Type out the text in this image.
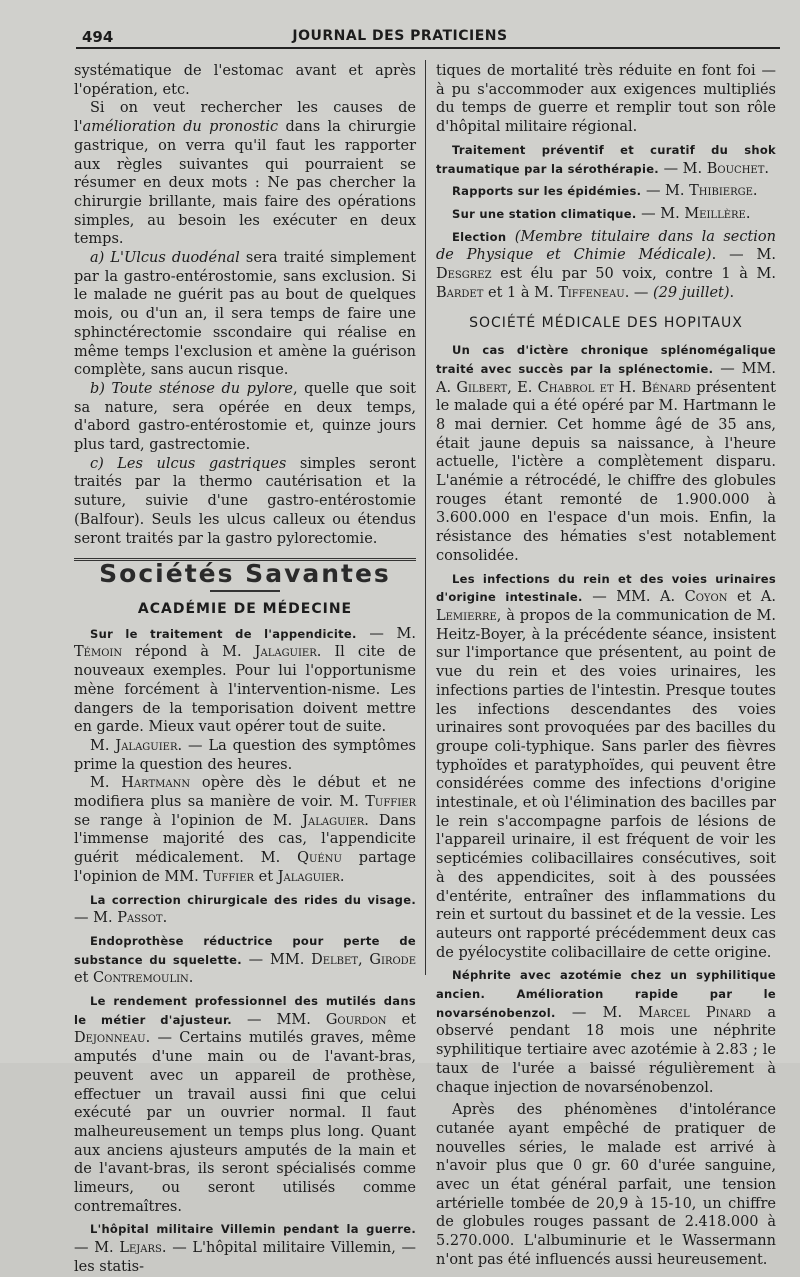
494	JOURNAL DES PRATICIENS

systématique de l'estomac avant et après l'opération, etc.

Si on veut rechercher les causes de l'amélioration du pronostic dans la chirurgie gastrique, on verra qu'il faut les rapporter aux règles suivantes qui pourraient se résumer en deux mots : Ne pas chercher la chirurgie brillante, mais faire des opérations simples, au besoin les exécuter en deux temps.

a) L'Ulcus duodénal sera traité simplement par la gastro-entérostomie, sans exclusion. Si le malade ne guérit pas au bout de quelques mois, ou d'un an, il sera temps de faire une sphinctérectomie sscondaire qui réalise en même temps l'exclusion et amène la guérison complète, sans aucun risque.

b) Toute sténose du pylore, quelle que soit sa nature, sera opérée en deux temps, d'abord gastro-entérostomie et, quinze jours plus tard, gastrectomie.

c) Les ulcus gastriques simples seront traités par la thermo cautérisation et la suture, suivie d'une gastro-entérostomie (Balfour). Seuls les ulcus calleux ou étendus seront traités par la gastro pylorectomie.

Sociétés Savantes
ACADÉMIE DE MÉDECINE

Sur le traitement de l'appendicite. — M. Témoin répond à M. Jalaguier. Il cite de nouveaux exemples. Pour lui l'opportunisme mène forcément à l'intervention-nisme. Les dangers de la temporisation doivent mettre en garde. Mieux vaut opérer tout de suite.

M. Jalaguier. — La question des symptômes prime la question des heures.

M. Hartmann opère dès le début et ne modifiera plus sa manière de voir. M. Tuffier se range à l'opinion de M. Jalaguier. Dans l'immense majorité des cas, l'appendicite guérit médicalement. M. Quénu partage l'opinion de MM. Tuffier et Jalaguier.

La correction chirurgicale des rides du visage. — M. Passot.

Endoprothèse réductrice pour perte de substance du squelette. — MM. Delbet, Girode et Contremoulin.

Le rendement professionnel des mutilés dans le métier d'ajusteur. — MM. Gourdon et Dejonneau. — Certains mutilés graves, même amputés d'une main ou de l'avant-bras, peuvent avec un appareil de prothèse, effectuer un travail aussi fini que celui exécuté par un ouvrier normal. Il faut malheureusement un temps plus long. Quant aux anciens ajusteurs amputés de la main et de l'avant-bras, ils seront spécialisés comme limeurs, ou seront utilisés comme contremaîtres.

L'hôpital militaire Villemin pendant la guerre. — M. Lejars. — L'hôpital militaire Villemin, — les statis-

tiques de mortalité très réduite en font foi — à pu s'accommoder aux exigences multipliés du temps de guerre et remplir tout son rôle d'hôpital militaire régional.

Traitement préventif et curatif du shok traumatique par la sérothérapie. — M. Bouchet.

Rapports sur les épidémies. — M. Thibierge.

Sur une station climatique. — M. Meillère.

Election (Membre titulaire dans la section de Physique et Chimie Médicale). — M. Desgrez est élu par 50 voix, contre 1 à M. Bardet et 1 à M. Tiffeneau. — (29 juillet).

SOCIÉTÉ MÉDICALE DES HOPITAUX

Un cas d'ictère chronique splénomégalique traité avec succès par la splénectomie. — MM. A. Gilbert, E. Chabrol et H. Bénard présentent le malade qui a été opéré par M. Hartmann le 8 mai dernier. Cet homme âgé de 35 ans, était jaune depuis sa naissance, à l'heure actuelle, l'ictère a complètement disparu. L'anémie a rétrocédé, le chiffre des globules rouges étant remonté de 1.900.000 à 3.600.000 en l'espace d'un mois. Enfin, la résistance des hématies s'est notablement consolidée.

Les infections du rein et des voies urinaires d'origine intestinale. — MM. A. Coyon et A. Lemierre, à propos de la communication de M. Heitz-Boyer, à la précédente séance, insistent sur l'importance que présentent, au point de vue du rein et des voies urinaires, les infections parties de l'intestin. Presque toutes les infections descendantes des voies urinaires sont provoquées par des bacilles du groupe coli-typhique. Sans parler des fièvres typhoïdes et paratyphoïdes, qui peuvent être considérées comme des infections d'origine intestinale, et où l'élimination des bacilles par le rein s'accompagne parfois de lésions de l'appareil urinaire, il est fréquent de voir les septicémies colibacillaires consécutives, soit à des appendicites, soit à des poussées d'entérite, entraîner des inflammations du rein et surtout du bassinet et de la vessie. Les auteurs ont rapporté précédemment deux cas de pyélocystite colibacillaire de cette origine.

Néphrite avec azotémie chez un syphilitique ancien. Amélioration rapide par le novarsénobenzol. — M. Marcel Pinard a observé pendant 18 mois une néphrite syphilitique tertiaire avec azotémie à 2.83 ; le taux de l'urée a baissé régulièrement à chaque injection de novarsénobenzol.

Après des phénomènes d'intolérance cutanée ayant empêché de pratiquer de nouvelles séries, le malade est arrivé à n'avoir plus que 0 gr. 60 d'urée sanguine, avec un état général parfait, une tension artérielle tombée de 20,9 à 15-10, un chiffre de globules rouges passant de 2.418.000 à 5.270.000. L'albuminurie et le Wassermann n'ont pas été influencés aussi heureusement.
